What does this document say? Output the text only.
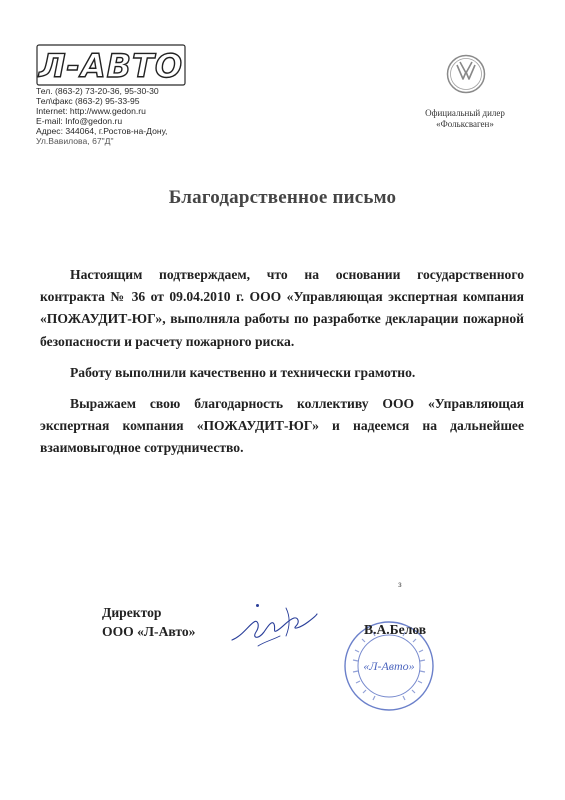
Л-АВТО
Тел. (863-2) 73-20-36, 95-30-30
Тел\факс (863-2) 95-33-95
Internet: http://www.gedon.ru
E-mail: Info@gedon.ru
Адрес: 344064, г.Ростов-на-Дону,
Ул.Вавилова, 67"Д"
Официальный дилер
«Фольксваген»
Благодарственное письмо

Настоящим подтверждаем, что на основании государственного контракта № 36 от 09.04.2010 г. ООО «Управляющая экспертная компания «ПОЖАУДИТ-ЮГ», выполняла работы по разработке декларации пожарной безопасности и расчету пожарного риска.

Работу выполнили качественно и технически грамотно.

Выражаем свою благодарность коллективу ООО «Управляющая экспертная компания «ПОЖАУДИТ-ЮГ» и надеемся на дальнейшее взаимовыгодное сотрудничество.

з
Директор
ООО «Л-Авто»
«Л-Авто»
В.А.Белов
